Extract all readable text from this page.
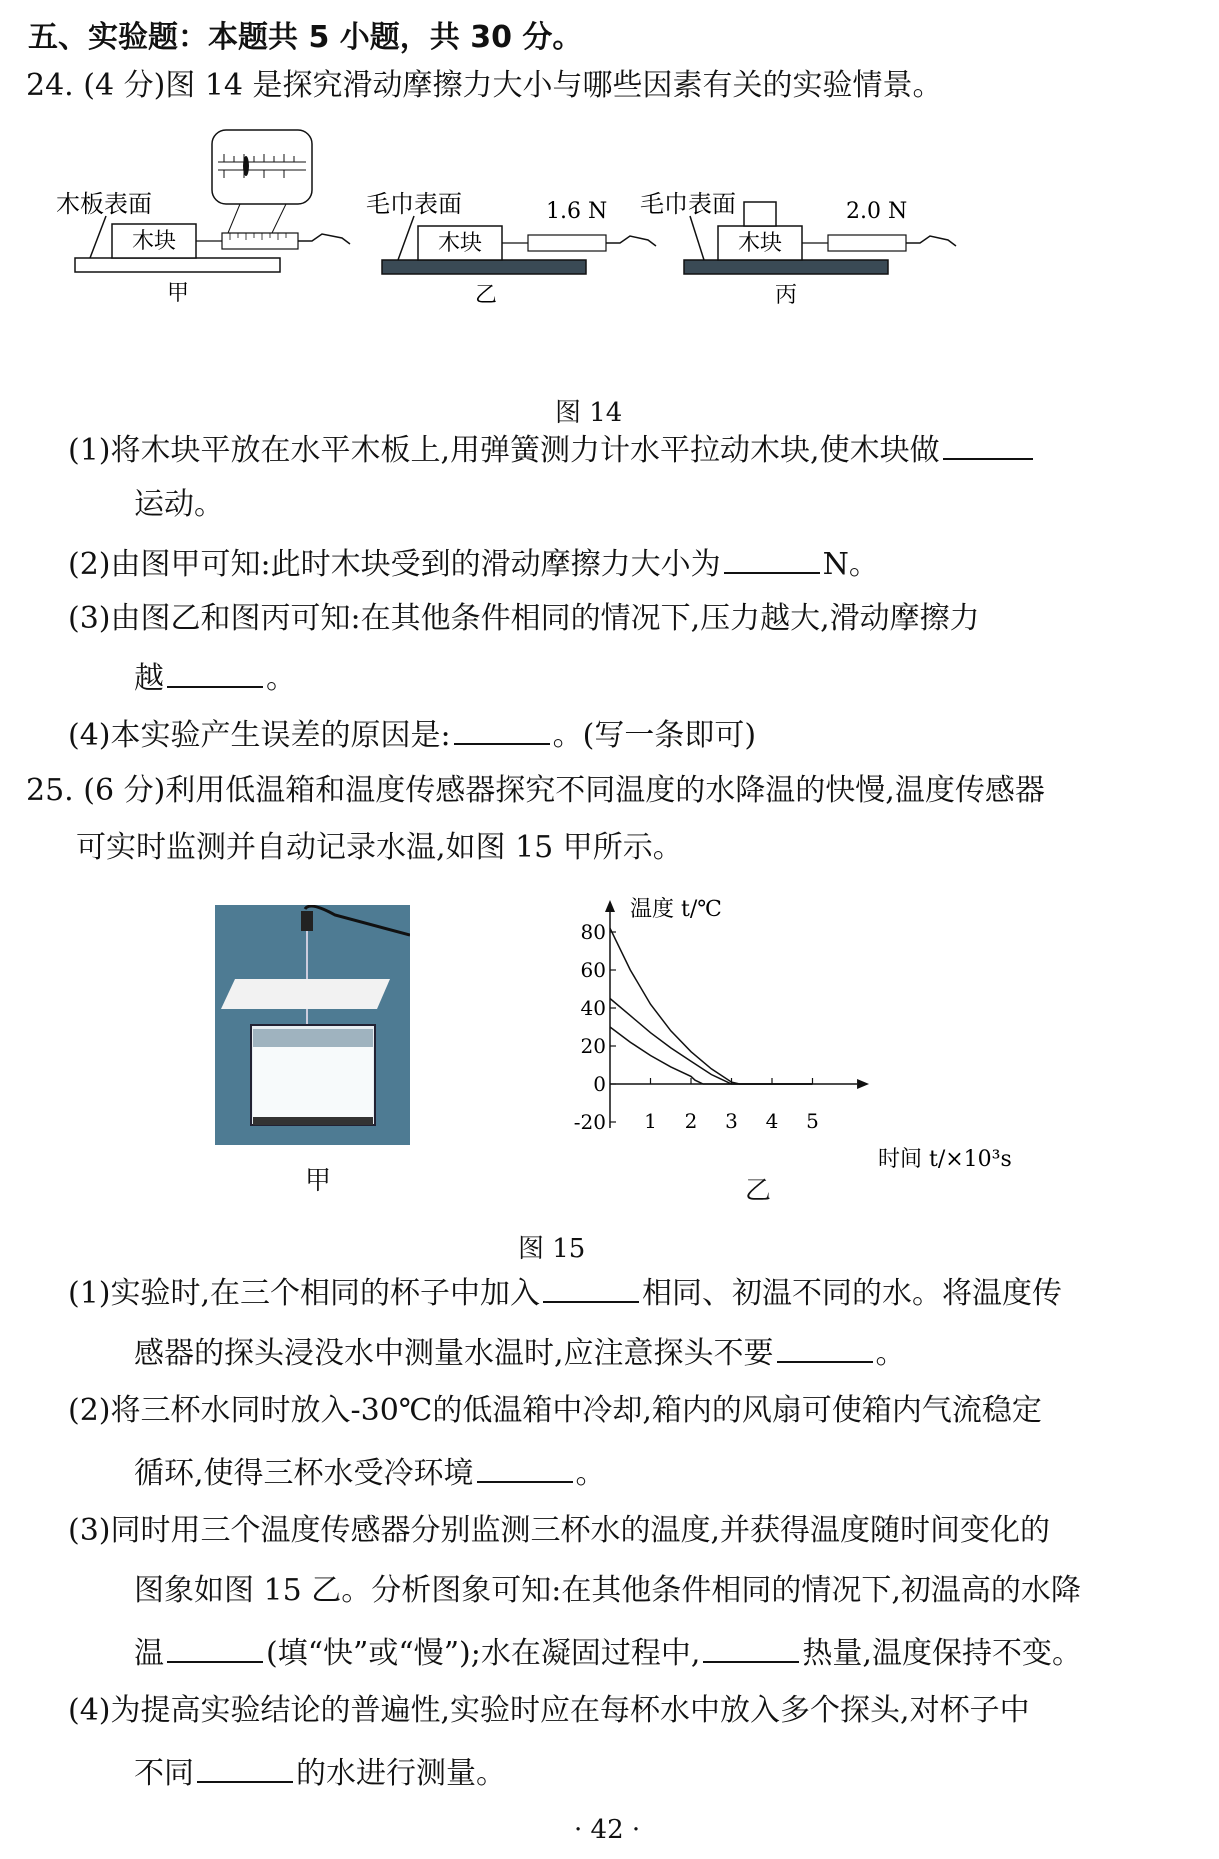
五、实验题：本题共 5 小题，共 30 分。
24. (4 分)图 14 是探究滑动摩擦力大小与哪些因素有关的实验情景。
木板表面
木块
甲
毛巾表面
木块
1.6 N
乙
毛巾表面
木块
2.0 N
丙
图 14
(1)将木块平放在水平木板上,用弹簧测力计水平拉动木块,使木块做
运动。
(2)由图甲可知:此时木块受到的滑动摩擦力大小为	N。
(3)由图乙和图丙可知:在其他条件相同的情况下,压力越大,滑动摩擦力
越	。
(4)本实验产生误差的原因是:	。(写一条即可)
25. (6 分)利用低温箱和温度传感器探究不同温度的水降温的快慢,温度传感器
可实时监测并自动记录水温,如图 15 甲所示。
甲
-20
0
20
40
60
80
1 2 3 4 5
温度 t/℃
时间 t/×10³s
乙
图 15
(1)实验时,在三个相同的杯子中加入	相同、初温不同的水。将温度传
感器的探头浸没水中测量水温时,应注意探头不要	。
(2)将三杯水同时放入-30℃的低温箱中冷却,箱内的风扇可使箱内气流稳定
循环,使得三杯水受冷环境	。
(3)同时用三个温度传感器分别监测三杯水的温度,并获得温度随时间变化的
图象如图 15 乙。分析图象可知:在其他条件相同的情况下,初温高的水降
温	(填“快”或“慢”);水在凝固过程中,	热量,温度保持不变。
(4)为提高实验结论的普遍性,实验时应在每杯水中放入多个探头,对杯子中
不同	的水进行测量。
· 42 ·
